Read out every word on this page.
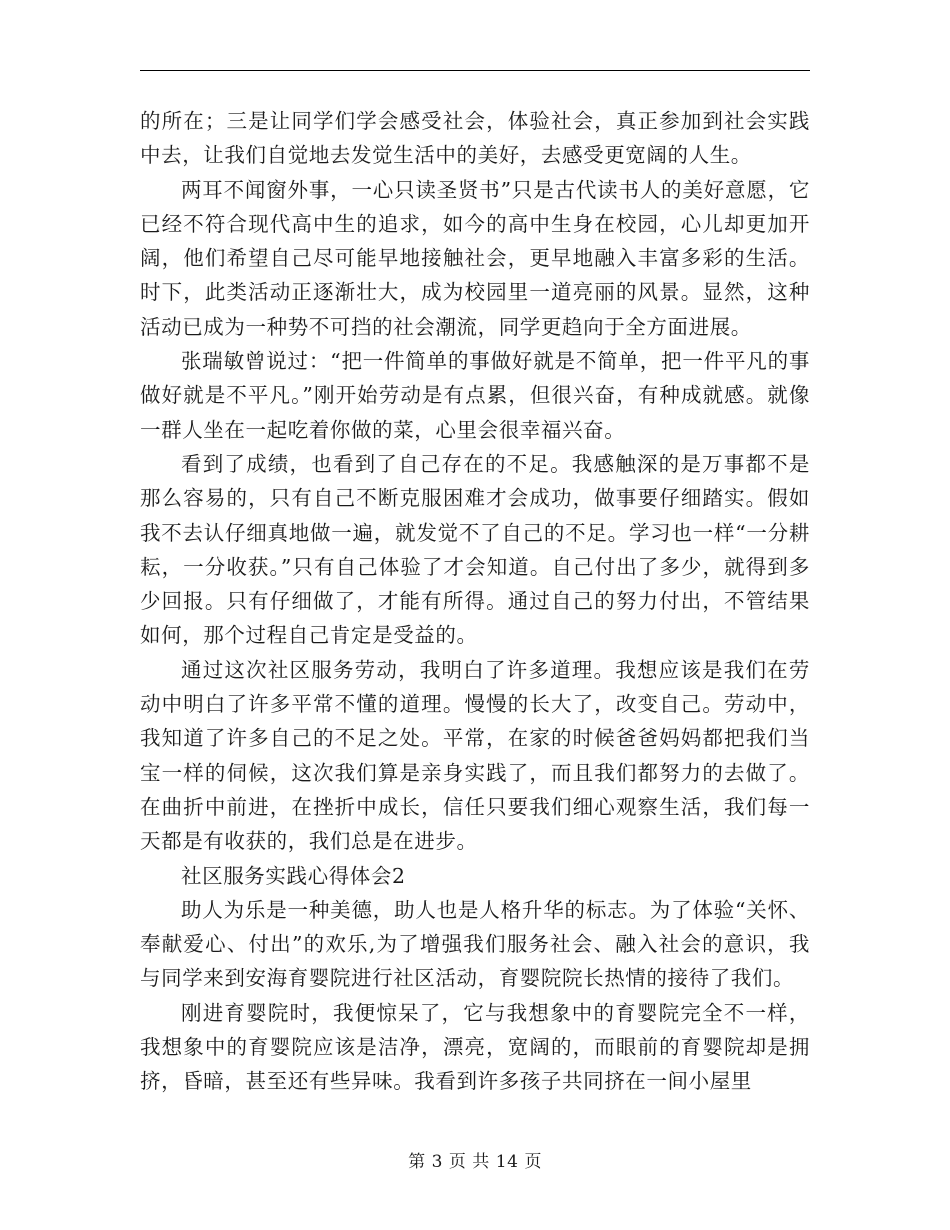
的所在；三是让同学们学会感受社会，体验社会，真正参加到社会实践中去，让我们自觉地去发觉生活中的美好，去感受更宽阔的人生。

两耳不闻窗外事，一心只读圣贤书”只是古代读书人的美好意愿，它已经不符合现代高中生的追求，如今的高中生身在校园，心儿却更加开阔，他们希望自己尽可能早地接触社会，更早地融入丰富多彩的生活。时下，此类活动正逐渐壮大，成为校园里一道亮丽的风景。显然，这种活动已成为一种势不可挡的社会潮流，同学更趋向于全方面进展。

张瑞敏曾说过：“把一件简单的事做好就是不简单，把一件平凡的事做好就是不平凡。”刚开始劳动是有点累，但很兴奋，有种成就感。就像一群人坐在一起吃着你做的菜，心里会很幸福兴奋。

看到了成绩，也看到了自己存在的不足。我感触深的是万事都不是那么容易的，只有自己不断克服困难才会成功，做事要仔细踏实。假如我不去认仔细真地做一遍，就发觉不了自己的不足。学习也一样“一分耕耘，一分收获。”只有自己体验了才会知道。自己付出了多少，就得到多少回报。只有仔细做了，才能有所得。通过自己的努力付出，不管结果如何，那个过程自己肯定是受益的。

通过这次社区服务劳动，我明白了许多道理。我想应该是我们在劳动中明白了许多平常不懂的道理。慢慢的长大了，改变自己。劳动中，我知道了许多自己的不足之处。平常，在家的时候爸爸妈妈都把我们当宝一样的伺候，这次我们算是亲身实践了，而且我们都努力的去做了。在曲折中前进，在挫折中成长，信任只要我们细心观察生活，我们每一天都是有收获的，我们总是在进步。

社区服务实践心得体会2

助人为乐是一种美德，助人也是人格升华的标志。为了体验“关怀、奉献爱心、付出”的欢乐,为了增强我们服务社会、融入社会的意识，我与同学来到安海育婴院进行社区活动，育婴院院长热情的接待了我们。

刚进育婴院时，我便惊呆了，它与我想象中的育婴院完全不一样，我想象中的育婴院应该是洁净，漂亮，宽阔的，而眼前的育婴院却是拥挤，昏暗，甚至还有些异味。我看到许多孩子共同挤在一间小屋里

第 3 页 共 14 页
